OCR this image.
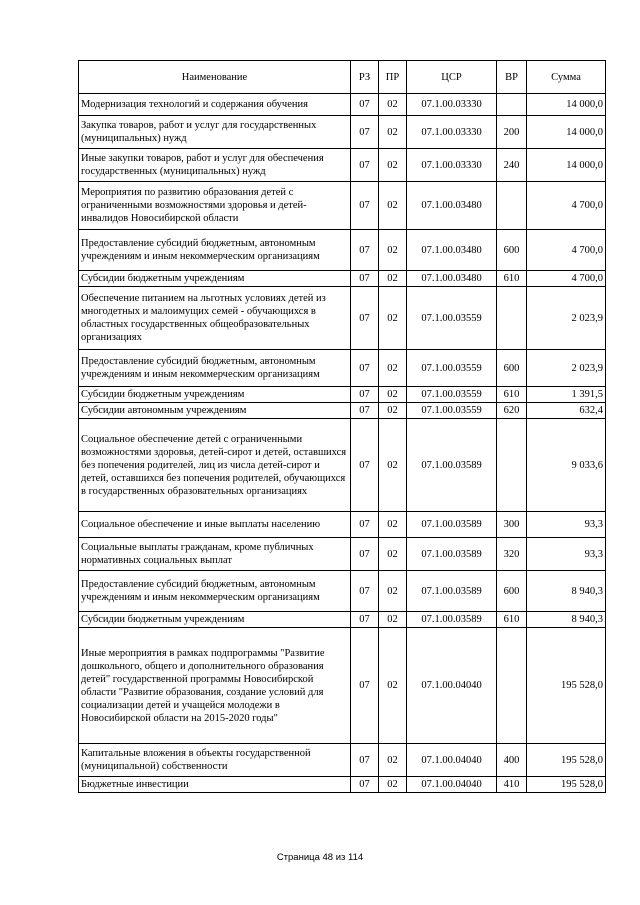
Наименование	РЗ	ПР	ЦСР	ВР	Сумма
Модернизация технологий и содержания обучения	07	02	07.1.00.03330		14 000,0
Закупка товаров, работ и услуг для государственных (муниципальных) нужд	07	02	07.1.00.03330	200	14 000,0
Иные закупки товаров, работ и услуг для обеспечения государственных (муниципальных) нужд	07	02	07.1.00.03330	240	14 000,0
Мероприятия по развитию образования детей с ограниченными возможностями здоровья и детей-инвалидов Новосибирской области	07	02	07.1.00.03480		4 700,0
Предоставление субсидий бюджетным, автономным учреждениям и иным некоммерческим организациям	07	02	07.1.00.03480	600	4 700,0
Субсидии бюджетным учреждениям	07	02	07.1.00.03480	610	4 700,0
Обеспечение питанием на льготных условиях детей из многодетных и малоимущих семей - обучающихся в областных государственных общеобразовательных организациях	07	02	07.1.00.03559		2 023,9
Предоставление субсидий бюджетным, автономным учреждениям и иным некоммерческим организациям	07	02	07.1.00.03559	600	2 023,9
Субсидии бюджетным учреждениям	07	02	07.1.00.03559	610	1 391,5
Субсидии автономным учреждениям	07	02	07.1.00.03559	620	632,4
Социальное обеспечение детей с ограниченными возможностями здоровья, детей-сирот и детей, оставшихся без попечения родителей, лиц из числа детей-сирот и детей, оставшихся без попечения родителей, обучающихся в государственных образовательных организациях	07	02	07.1.00.03589		9 033,6
Социальное обеспечение и иные выплаты населению	07	02	07.1.00.03589	300	93,3
Социальные выплаты гражданам, кроме публичных нормативных социальных выплат	07	02	07.1.00.03589	320	93,3
Предоставление субсидий бюджетным, автономным учреждениям и иным некоммерческим организациям	07	02	07.1.00.03589	600	8 940,3
Субсидии бюджетным учреждениям	07	02	07.1.00.03589	610	8 940,3
Иные мероприятия в рамках подпрограммы "Развитие дошкольного, общего и дополнительного образования детей" государственной программы Новосибирской области "Развитие образования, создание условий для социализации детей и учащейся молодежи в Новосибирской области на 2015-2020 годы"	07	02	07.1.00.04040		195 528,0
Капитальные вложения в объекты государственной (муниципальной) собственности	07	02	07.1.00.04040	400	195 528,0
Бюджетные инвестиции	07	02	07.1.00.04040	410	195 528,0
Страница 48 из 114
